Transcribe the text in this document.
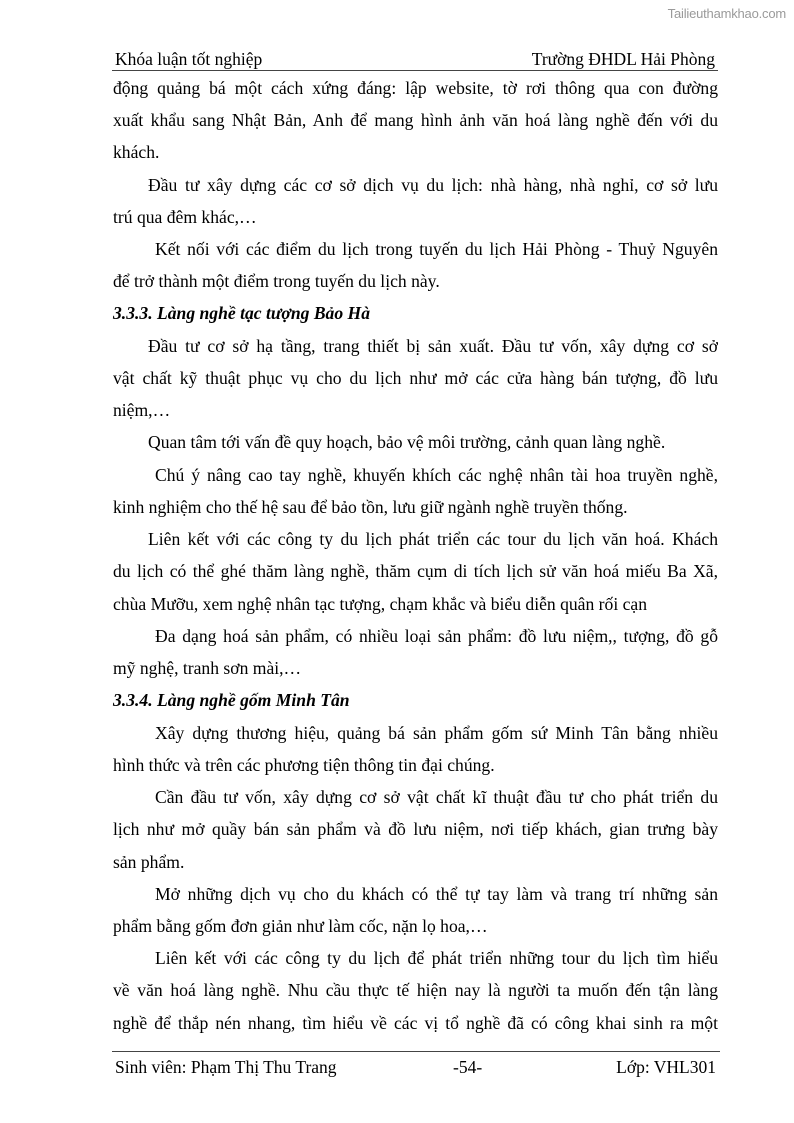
Tailieuthamkhao.com
Khóa luận tốt nghiệp	Trường ĐHDL Hải Phòng
động quảng bá một cách xứng đáng: lập website, tờ rơi thông qua con đường
xuất khẩu sang Nhật Bản, Anh để mang hình ảnh văn hoá làng nghề đến với du
khách.
Đầu tư xây dựng các cơ sở dịch vụ du lịch: nhà hàng, nhà nghỉ, cơ sở lưu
trú qua đêm khác,…
Kết nối với các điểm du lịch trong tuyến du lịch Hải Phòng - Thuỷ Nguyên
để trở thành một điểm trong tuyến du lịch này.
3.3.3. Làng nghề tạc tượng Bảo Hà
Đầu tư cơ sở hạ tầng, trang thiết bị sản xuất. Đầu tư vốn, xây dựng cơ sở
vật chất kỹ thuật phục vụ cho du lịch như mở các cửa hàng bán tượng, đồ lưu
niệm,…
Quan tâm tới vấn đề quy hoạch, bảo vệ môi trường, cảnh quan làng nghề.
Chú ý nâng cao tay nghề, khuyến khích các nghệ nhân tài hoa truyền nghề,
kinh nghiệm cho thế hệ sau để bảo tồn, lưu giữ ngành nghề truyền thống.
Liên kết với các công ty du lịch phát triển các tour du lịch văn hoá. Khách
du lịch có thể ghé thăm làng nghề, thăm cụm di tích lịch sử văn hoá miếu Ba Xã,
chùa Mưỡu, xem nghệ nhân tạc tượng, chạm khắc và biểu diễn quân rối cạn
Đa dạng hoá sản phẩm, có nhiều loại sản phẩm: đồ lưu niệm,, tượng, đồ gỗ
mỹ nghệ, tranh sơn mài,…
3.3.4. Làng nghề gốm Minh Tân
Xây dựng thương hiệu, quảng bá sản phẩm gốm sứ Minh Tân bằng nhiều
hình thức và trên các phương tiện thông tin đại chúng.
Cần đầu tư vốn, xây dựng cơ sở vật chất kĩ thuật đầu tư cho phát triển du
lịch như mở quầy bán sản phẩm và đồ lưu niệm, nơi tiếp khách, gian trưng bày
sản phẩm.
Mở những dịch vụ cho du khách có thể tự tay làm và trang trí những sản
phẩm bằng gốm đơn giản như làm cốc, nặn lọ hoa,…
Liên kết với các công ty du lịch để phát triển những tour du lịch tìm hiểu
về văn hoá làng nghề. Nhu cầu thực tế hiện nay là người ta muốn đến tận làng
nghề để thắp nén nhang, tìm hiểu về các vị tổ nghề đã có công khai sinh ra một
Sinh viên: Phạm Thị Thu Trang	-54-	Lớp: VHL301
